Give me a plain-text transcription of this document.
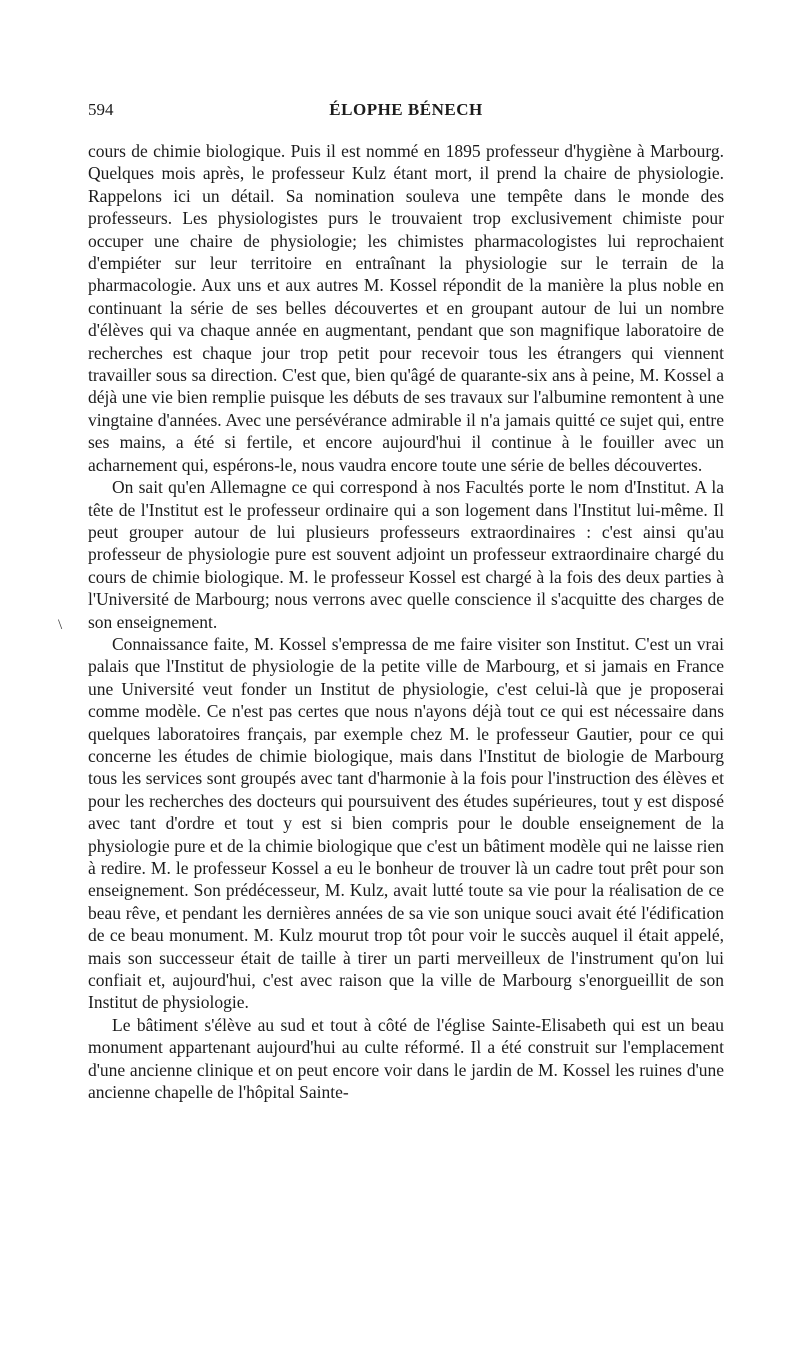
594	ÉLOPHE BÉNECH
\

cours de chimie biologique. Puis il est nommé en 1895 professeur d'hygiène à Marbourg. Quelques mois après, le professeur Kulz étant mort, il prend la chaire de physiologie. Rappelons ici un détail. Sa nomination souleva une tempête dans le monde des professeurs. Les physiologistes purs le trouvaient trop exclusivement chimiste pour occuper une chaire de physiologie; les chimistes pharmacologistes lui reprochaient d'empiéter sur leur territoire en entraînant la physiologie sur le terrain de la pharmacologie. Aux uns et aux autres M. Kossel répondit de la manière la plus noble en continuant la série de ses belles découvertes et en groupant autour de lui un nombre d'élèves qui va chaque année en augmentant, pendant que son magnifique laboratoire de recherches est chaque jour trop petit pour recevoir tous les étrangers qui viennent travailler sous sa direction. C'est que, bien qu'âgé de quarante-six ans à peine, M. Kossel a déjà une vie bien remplie puisque les débuts de ses travaux sur l'albumine remontent à une vingtaine d'années. Avec une persévérance admirable il n'a jamais quitté ce sujet qui, entre ses mains, a été si fertile, et encore aujourd'hui il continue à le fouiller avec un acharnement qui, espérons-le, nous vaudra encore toute une série de belles découvertes.

On sait qu'en Allemagne ce qui correspond à nos Facultés porte le nom d'Institut. A la tête de l'Institut est le professeur ordinaire qui a son logement dans l'Institut lui-même. Il peut grouper autour de lui plusieurs professeurs extraordinaires : c'est ainsi qu'au professeur de physiologie pure est souvent adjoint un professeur extraordinaire chargé du cours de chimie biologique. M. le professeur Kossel est chargé à la fois des deux parties à l'Université de Marbourg; nous verrons avec quelle conscience il s'acquitte des charges de son enseignement.

Connaissance faite, M. Kossel s'empressa de me faire visiter son Institut. C'est un vrai palais que l'Institut de physiologie de la petite ville de Marbourg, et si jamais en France une Université veut fonder un Institut de physiologie, c'est celui-là que je proposerai comme modèle. Ce n'est pas certes que nous n'ayons déjà tout ce qui est nécessaire dans quelques laboratoires français, par exemple chez M. le professeur Gautier, pour ce qui concerne les études de chimie biologique, mais dans l'Institut de biologie de Marbourg tous les services sont groupés avec tant d'harmonie à la fois pour l'instruction des élèves et pour les recherches des docteurs qui poursuivent des études supérieures, tout y est disposé avec tant d'ordre et tout y est si bien compris pour le double enseignement de la physiologie pure et de la chimie biologique que c'est un bâtiment modèle qui ne laisse rien à redire. M. le professeur Kossel a eu le bonheur de trouver là un cadre tout prêt pour son enseignement. Son prédécesseur, M. Kulz, avait lutté toute sa vie pour la réalisation de ce beau rêve, et pendant les dernières années de sa vie son unique souci avait été l'édification de ce beau monument. M. Kulz mourut trop tôt pour voir le succès auquel il était appelé, mais son successeur était de taille à tirer un parti merveilleux de l'instrument qu'on lui confiait et, aujourd'hui, c'est avec raison que la ville de Marbourg s'enorgueillit de son Institut de physiologie.

Le bâtiment s'élève au sud et tout à côté de l'église Sainte-Elisabeth qui est un beau monument appartenant aujourd'hui au culte réformé. Il a été construit sur l'emplacement d'une ancienne clinique et on peut encore voir dans le jardin de M. Kossel les ruines d'une ancienne chapelle de l'hôpital Sainte-
